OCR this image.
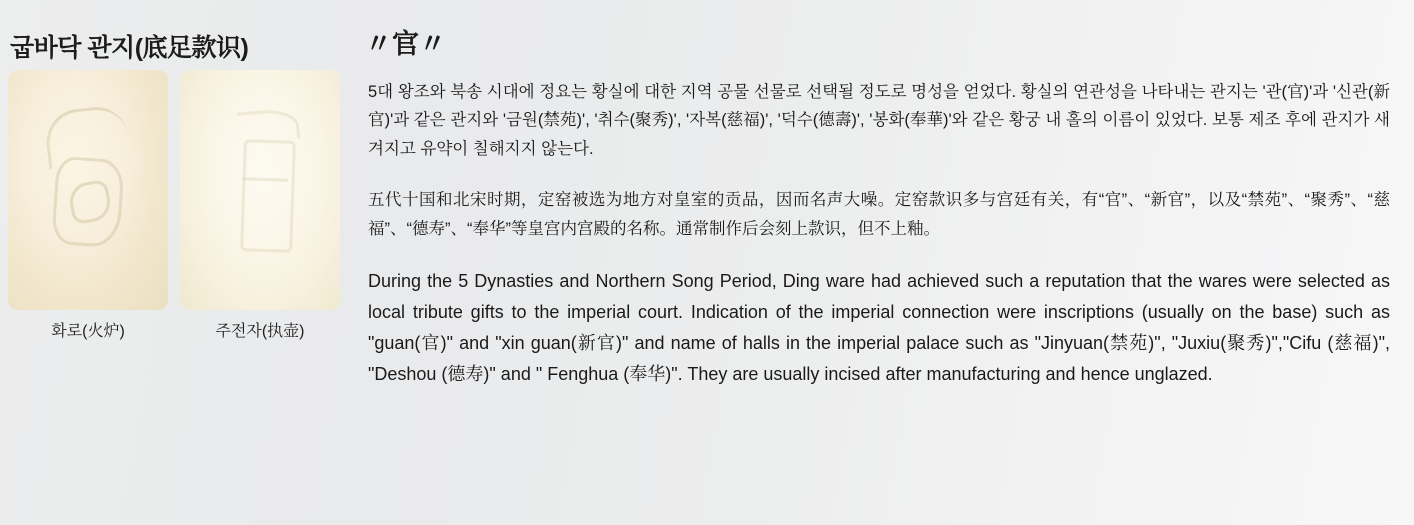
굽바닥 관지(底足款识)
화로(火炉)	주전자(执壶)
〃官〃

5대 왕조와 북송 시대에 정요는 황실에 대한 지역 공물 선물로 선택될 정도로 명성을 얻었다. 황실의 연관성을 나타내는 관지는 '관(官)'과 '신관(新官)'과 같은 관지와 '금원(禁苑)', '취수(聚秀)', '자복(慈福)', '덕수(德壽)', '봉화(奉華)'와 같은 황궁 내 홀의 이름이 있었다. 보통 제조 후에 관지가 새겨지고 유약이 칠해지지 않는다.

五代十国和北宋时期，定窑被选为地方对皇室的贡品，因而名声大噪。定窑款识多与宫廷有关，有“官”、“新官”，以及“禁苑”、“聚秀”、“慈福”、“德寿”、“奉华”等皇宫内宫殿的名称。通常制作后会刻上款识，但不上釉。

During the 5 Dynasties and Northern Song Period, Ding ware had achieved such a reputation that the wares were selected as local tribute gifts to the imperial court. Indication of the imperial connection were inscriptions (usually on the base) such as "guan(官)" and "xin guan(新官)" and name of halls in the imperial palace such as "Jinyuan(禁苑)", "Juxiu(聚秀)","Cifu (慈福)", "Deshou (德寿)" and " Fenghua (奉华)". They are usually incised after manufacturing and hence unglazed.
